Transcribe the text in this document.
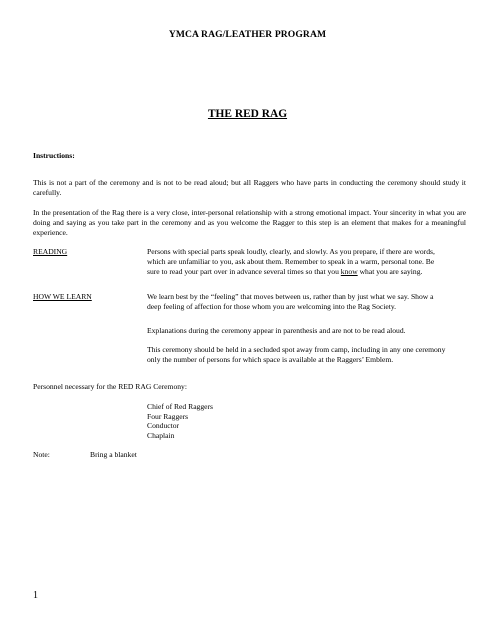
YMCA RAG/LEATHER PROGRAM
THE RED RAG
Instructions:
This is not a part of the ceremony and is not to be read aloud; but all Raggers who have parts in conducting the ceremony should study it carefully.
In the presentation of the Rag there is a very close, inter-personal relationship with a strong emotional impact. Your sincerity in what you are doing and saying as you take part in the ceremony and as you welcome the Ragger to this step is an element that makes for a meaningful experience.
READING	Persons with special parts speak loudly, clearly, and slowly. As you prepare, if there are words, which are unfamiliar to you, ask about them. Remember to speak in a warm, personal tone. Be sure to read your part over in advance several times so that you know what you are saying.
HOW WE LEARN	We learn best by the “feeling” that moves between us, rather than by just what we say. Show a deep feeling of affection for those whom you are welcoming into the Rag Society.
Explanations during the ceremony appear in parenthesis and are not to be read aloud.
This ceremony should be held in a secluded spot away from camp, including in any one ceremony only the number of persons for which space is available at the Raggers’ Emblem.
Personnel necessary for the RED RAG Ceremony:
Chief of Red Raggers
Four Raggers
Conductor
Chaplain
Note:	Bring a blanket
1
